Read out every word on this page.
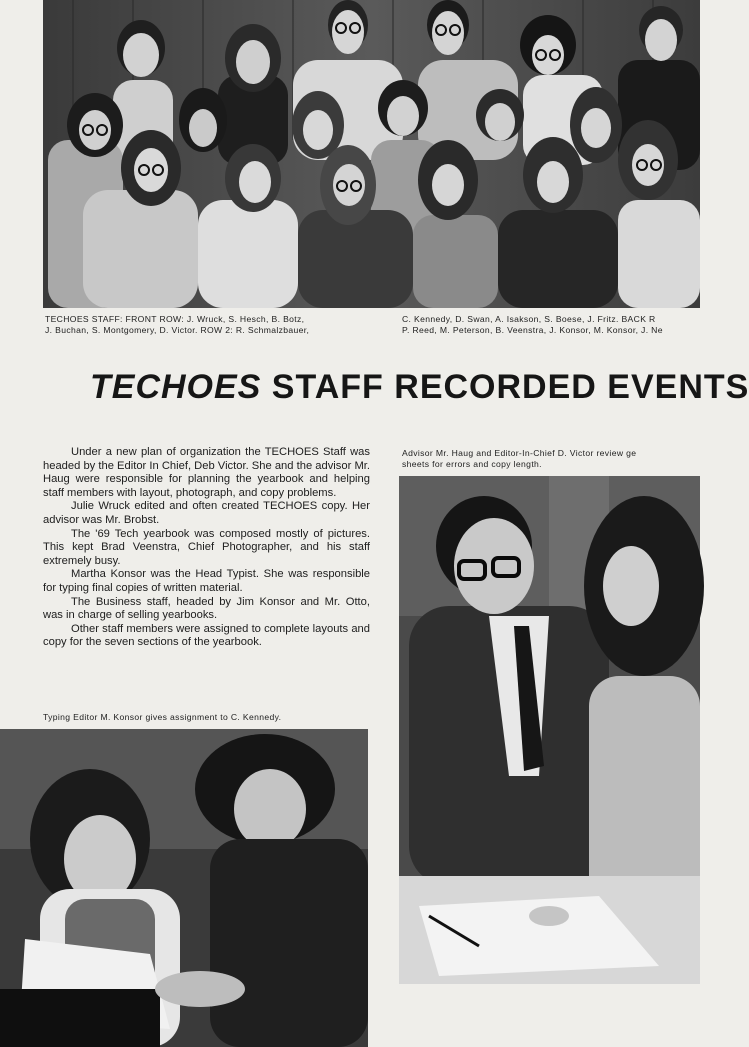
TECHOES STAFF: FRONT ROW: J. Wruck, S. Hesch, B. Botz,
J. Buchan, S. Montgomery, D. Victor. ROW 2: R. Schmalzbauer,
C. Kennedy, D. Swan, A. Isakson, S. Boese, J. Fritz. BACK R
P. Reed, M. Peterson, B. Veenstra, J. Konsor, M. Konsor, J. Ne
TECHOES STAFF RECORDED EVENTS

Under a new plan of organization the TECHOES Staff was headed by the Editor In Chief, Deb Victor. She and the advisor Mr. Haug were responsible for planning the yearbook and helping staff members with layout, photograph, and copy problems.

Julie Wruck edited and often created TECHOES copy. Her advisor was Mr. Brobst.

The '69 Tech yearbook was composed mostly of pictures. This kept Brad Veenstra, Chief Photographer, and his staff extremely busy.

Martha Konsor was the Head Typist. She was responsible for typing final copies of written material.

The Business staff, headed by Jim Konsor and Mr. Otto, was in charge of selling yearbooks.

Other staff members were assigned to complete layouts and copy for the seven sections of the yearbook.

Advisor Mr. Haug and Editor-In-Chief D. Victor review ge
sheets for errors and copy length.
Typing Editor M. Konsor gives assignment to C. Kennedy.
